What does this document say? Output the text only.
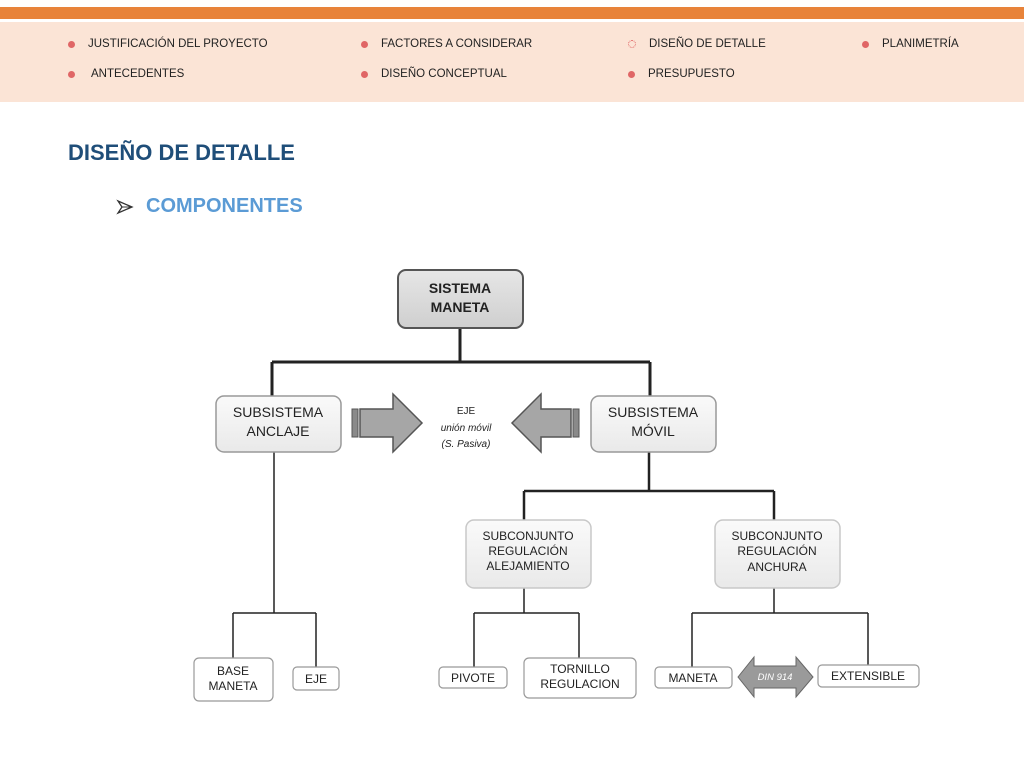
JUSTIFICACIÓN DEL PROYECTO
ANTECEDENTES
FACTORES A CONSIDERAR
DISEÑO CONCEPTUAL
DISEÑO DE DETALLE
PRESUPUESTO
PLANIMETRÍA
DISEÑO DE DETALLE
COMPONENTES
SISTEMA
MANETA
SUBSISTEMA
ANCLAJE
SUBSISTEMA
MÓVIL
EJE
unión móvil
(S. Pasiva)
SUBCONJUNTO
REGULACIÓN
ALEJAMIENTO
SUBCONJUNTO
REGULACIÓN
ANCHURA
BASE
MANETA	EJE	PIVOTE
TORNILLO
REGULACION	MANETA	DIN 914	EXTENSIBLE
